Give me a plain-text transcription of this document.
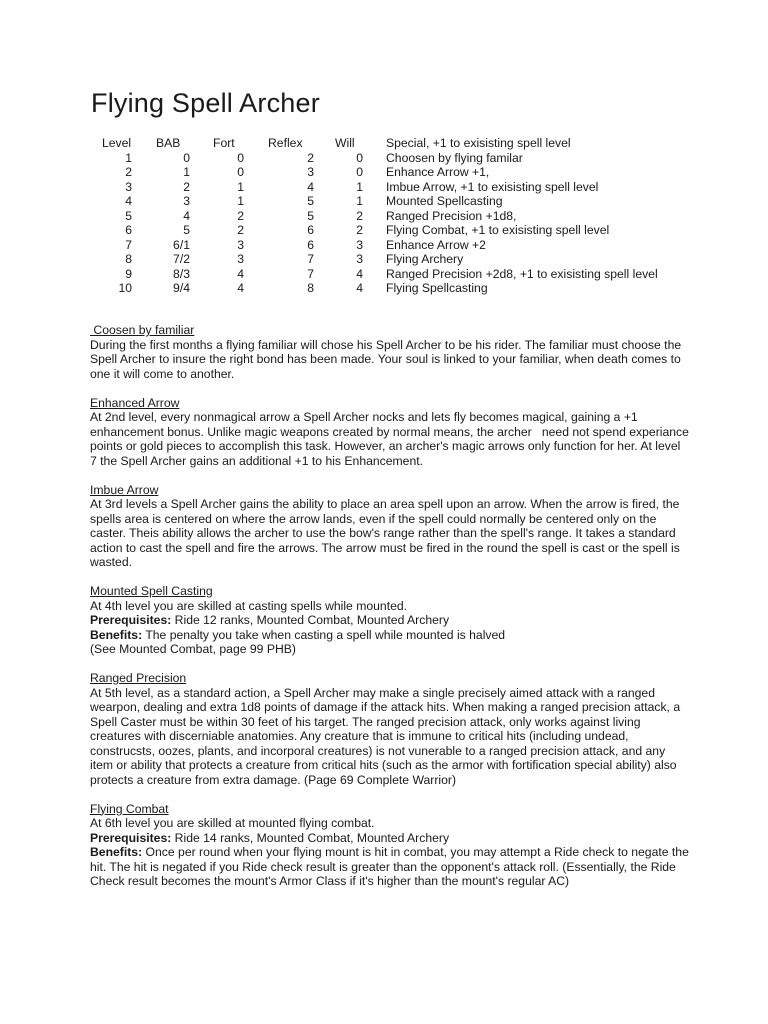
Flying Spell Archer
Level BAB	Fort	Reflex	Will	Special, +1 to exisisting spell level
1	0	0	2	0 Choosen by flying familar
2	1	0	3	0 Enhance Arrow +1,
3	2	1	4	1 Imbue Arrow, +1 to exisisting spell level
4	3	1	5	1 Mounted Spellcasting
5	4	2	5	2 Ranged Precision +1d8,
6	5	2	6	2 Flying Combat, +1 to exisisting spell level
7	6/1	3	6	3 Enhance Arrow +2
8	7/2	3	7	3 Flying Archery
9	8/3	4	7	4 Ranged Precision +2d8, +1 to exisisting spell level
10	9/4	4	8	4 Flying Spellcasting
Coosen by familiar

During the first months a flying familiar will chose his Spell Archer to be his rider. The familiar must choose the Spell Archer to insure the right bond has been made. Your soul is linked to your familiar, when death comes to one it will come to another.

Enhanced Arrow

At 2nd level, every nonmagical arrow a Spell Archer nocks and lets fly becomes magical, gaining a +1 enhancement bonus. Unlike magic weapons created by normal means, the archer   need not spend experiance points or gold pieces to accomplish this task. However, an archer's magic arrows only function for her. At level 7 the Spell Archer gains an additional +1 to his Enhancement.

Imbue Arrow

At 3rd levels a Spell Archer gains the ability to place an area spell upon an arrow. When the arrow is fired, the spells area is centered on where the arrow lands, even if the spell could normally be centered only on the caster. Theis ability allows the archer to use the bow's range rather than the spell's range. It takes a standard action to cast the spell and fire the arrows. The arrow must be fired in the round the spell is cast or the spell is wasted.

Mounted Spell Casting

At 4th level you are skilled at casting spells while mounted.

Prerequisites: Ride 12 ranks, Mounted Combat, Mounted Archery

Benefits: The penalty you take when casting a spell while mounted is halved

(See Mounted Combat, page 99 PHB)

Ranged Precision

At 5th level, as a standard action, a Spell Archer may make a single precisely aimed attack with a ranged wearpon, dealing and extra 1d8 points of damage if the attack hits. When making a ranged precision attack, a Spell Caster must be within 30 feet of his target. The ranged precision attack, only works against living creatures with discerniable anatomies. Any creature that is immune to critical hits (including undead, construcsts, oozes, plants, and incorporal creatures) is not vunerable to a ranged precision attack, and any item or ability that protects a creature from critical hits (such as the armor with fortification special ability) also protects a creature from extra damage. (Page 69 Complete Warrior)

Flying Combat

At 6th level you are skilled at mounted flying combat.

Prerequisites: Ride 14 ranks, Mounted Combat, Mounted Archery

Benefits: Once per round when your flying mount is hit in combat, you may attempt a Ride check to negate the hit. The hit is negated if you Ride check result is greater than the opponent's attack roll. (Essentially, the Ride Check result becomes the mount's Armor Class if it's higher than the mount's regular AC)
